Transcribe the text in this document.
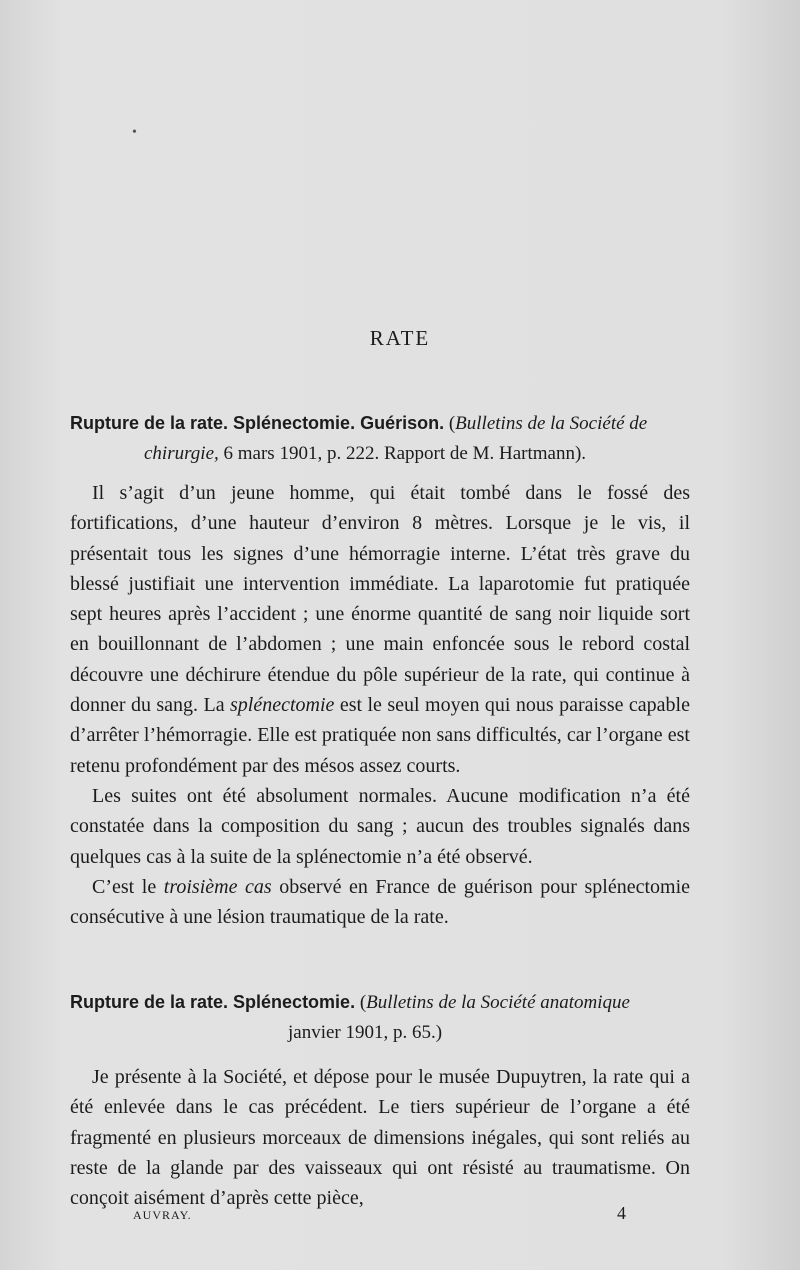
•
RATE
Rupture de la rate. Splénectomie. Guérison. (Bulletins de la Société de
chirurgie, 6 mars 1901, p. 222. Rapport de M. Hartmann).

Il s’agit d’un jeune homme, qui était tombé dans le fossé des fortifications, d’une hauteur d’environ 8 mètres. Lorsque je le vis, il présentait tous les signes d’une hémorragie interne. L’état très grave du blessé justifiait une intervention immédiate. La laparotomie fut pratiquée sept heures après l’accident ; une énorme quantité de sang noir liquide sort en bouillonnant de l’abdomen ; une main enfoncée sous le rebord costal découvre une déchirure étendue du pôle supérieur de la rate, qui continue à donner du sang. La splénectomie est le seul moyen qui nous paraisse capable d’arrêter l’hémorragie. Elle est pratiquée non sans difficultés, car l’organe est retenu profondément par des mésos assez courts.

Les suites ont été absolument normales. Aucune modification n’a été constatée dans la composition du sang ; aucun des troubles signalés dans quelques cas à la suite de la splénectomie n’a été observé.

C’est le troisième cas observé en France de guérison pour splénectomie consécutive à une lésion traumatique de la rate.

Rupture de la rate. Splénectomie. (Bulletins de la Société anatomique
janvier 1901, p. 65.)

Je présente à la Société, et dépose pour le musée Dupuytren, la rate qui a été enlevée dans le cas précédent. Le tiers supérieur de l’organe a été fragmenté en plusieurs morceaux de dimensions inégales, qui sont reliés au reste de la glande par des vaisseaux qui ont résisté au traumatisme. On conçoit aisément d’après cette pièce,

AUVRAY.	4
